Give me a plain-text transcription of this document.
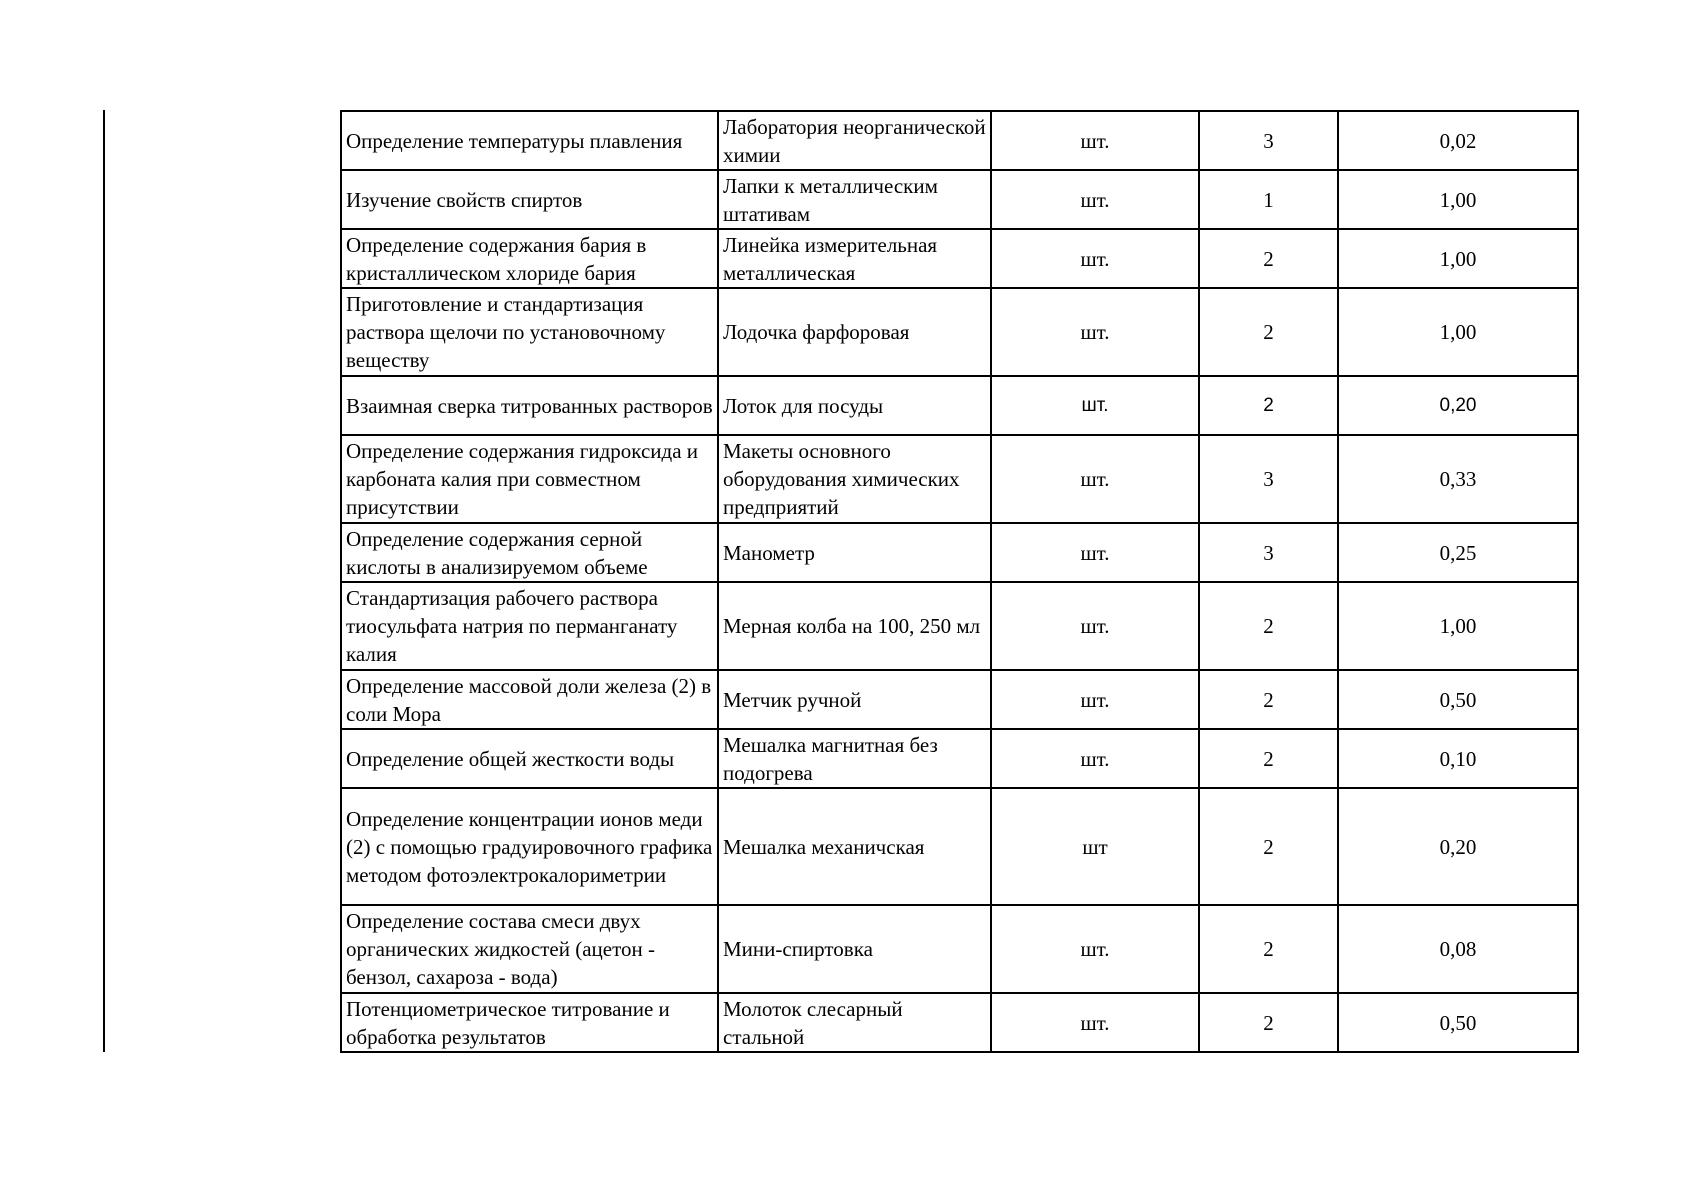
Определение температуры плавления	Лаборатория неорганической химии	шт.	3	0,02
Изучение свойств спиртов	Лапки к металлическим штативам	шт.	1	1,00
Определение содержания бария в кристаллическом хлориде бария	Линейка измерительная металлическая	шт.	2	1,00
Приготовление и стандартизация раствора щелочи по установочному веществу	Лодочка фарфоровая	шт.	2	1,00
Взаимная сверка титрованных растворов	Лоток для посуды	шт.	2	0,20
Определение содержания гидроксида и карбоната калия при совместном присутствии	Макеты основного оборудования химических предприятий	шт.	3	0,33
Определение содержания серной кислоты в анализируемом объеме	Манометр	шт.	3	0,25
Стандартизация рабочего раствора тиосульфата натрия по перманганату калия	Мерная колба на 100, 250 мл	шт.	2	1,00
Определение массовой доли железа (2) в соли Мора	Метчик ручной	шт.	2	0,50
Определение общей жесткости воды	Мешалка магнитная без подогрева	шт.	2	0,10
Определение концентрации ионов меди (2) с помощью градуировочного графика методом фотоэлектрокалориметрии	Мешалка механичская	шт	2	0,20
Определение состава смеси двух органических жидкостей (ацетон - бензол, сахароза - вода)	Мини-спиртовка	шт.	2	0,08
Потенциометрическое титрование и обработка результатов	Молоток слесарный стальной	шт.	2	0,50
